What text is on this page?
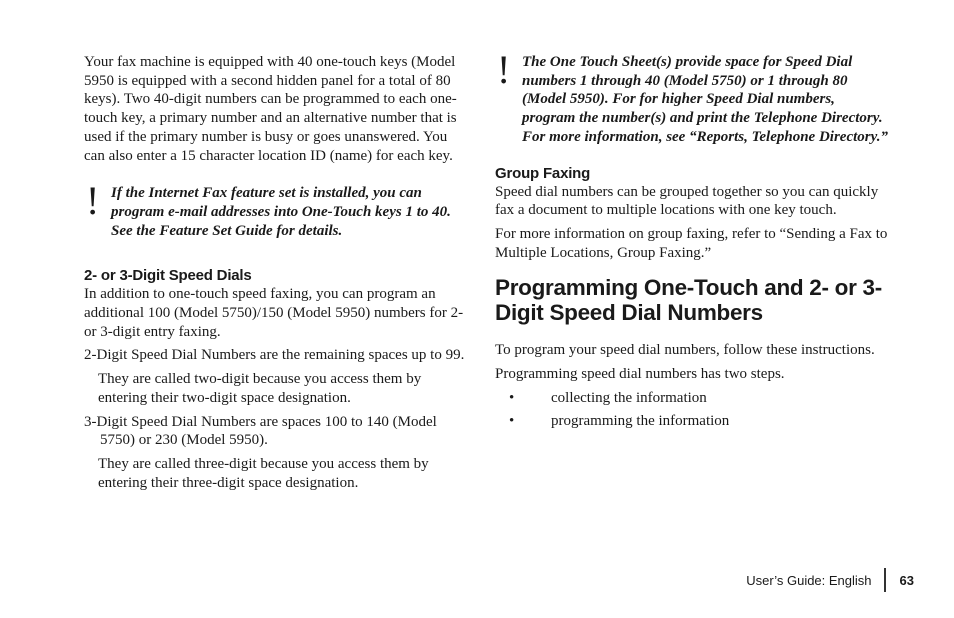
Your fax machine is equipped with 40 one-touch keys (Model 5950 is equipped with a second hidden panel for a total of 80 keys). Two 40-digit numbers can be programmed to each one-touch key, a primary number and an alternative number that is used if the primary number is busy or goes unanswered. You can also enter a 15 character location ID (name) for each key.

! If the Internet Fax feature set is installed, you can program e-mail addresses into One-Touch keys 1 to 40. See the Feature Set Guide for details.

2- or 3-Digit Speed Dials

In addition to one-touch speed faxing, you can program an additional 100 (Model 5750)/150 (Model 5950) numbers for 2- or 3-digit entry faxing.

2-Digit Speed Dial Numbers are the remaining spaces up to 99.

They are called two-digit because you access them by entering their two-digit space designation.

3-Digit Speed Dial Numbers are spaces 100 to 140 (Model 5750) or 230 (Model 5950).

They are called three-digit because you access them by entering their three-digit space designation.

! The One Touch Sheet(s) provide space for Speed Dial numbers 1 through 40 (Model 5750) or 1 through 80 (Model 5950). For for higher Speed Dial numbers, program the number(s) and print the Telephone Directory. For more information, see “Reports, Telephone Directory.”

Group Faxing

Speed dial numbers can be grouped together so you can quickly fax a document to multiple locations with one key touch.

For more information on group faxing, refer to “Sending a Fax to Multiple Locations, Group Faxing.”

Programming One-Touch and 2- or 3-
Digit Speed Dial Numbers

To program your speed dial numbers, follow these instructions.

Programming speed dial numbers has two steps.

• collecting the information

• programming the information

User’s Guide: English 63
